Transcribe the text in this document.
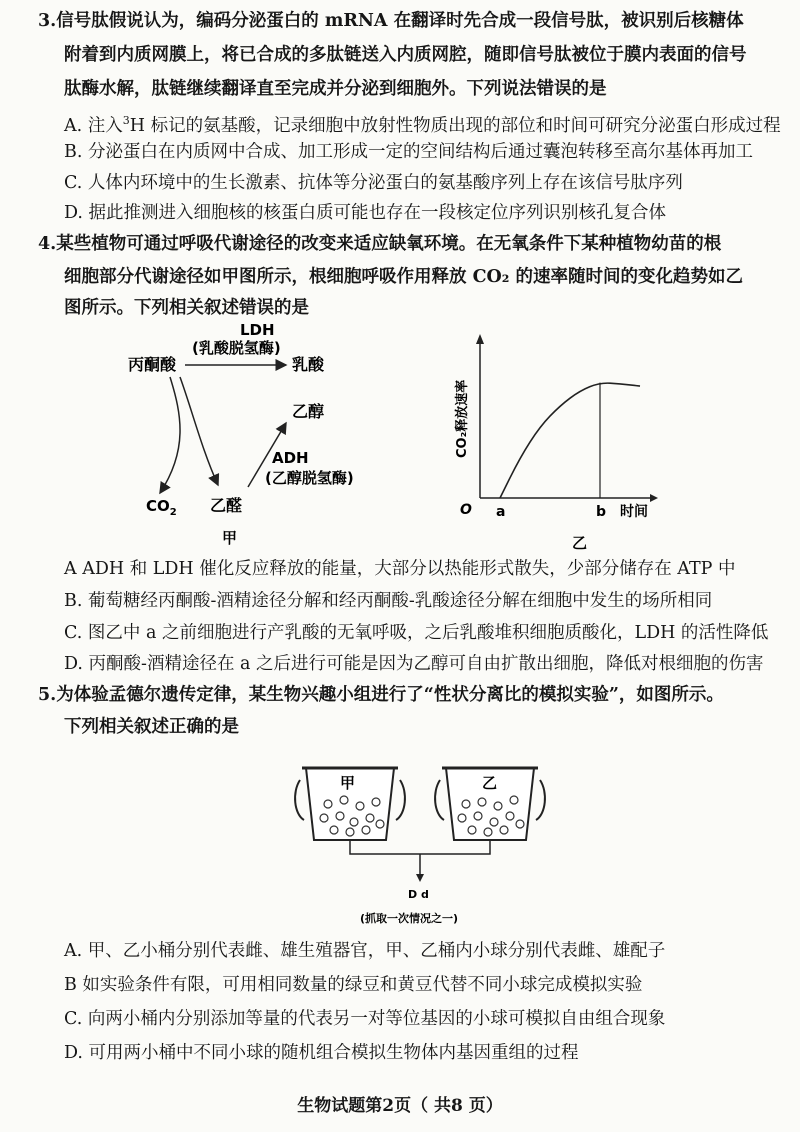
3.信号肽假说认为，编码分泌蛋白的 mRNA 在翻译时先合成一段信号肽，被识别后核糖体
附着到内质网膜上，将已合成的多肽链送入内质网腔，随即信号肽被位于膜内表面的信号
肽酶水解，肽链继续翻译直至完成并分泌到细胞外。下列说法错误的是
A. 注入$^3$H 标记的氨基酸，记录细胞中放射性物质出现的部位和时间可研究分泌蛋白形成过程
B. 分泌蛋白在内质网中合成、加工形成一定的空间结构后通过囊泡转移至高尔基体再加工
C. 人体内环境中的生长激素、抗体等分泌蛋白的氨基酸序列上存在该信号肽序列
D. 据此推测进入细胞核的核蛋白质可能也存在一段核定位序列识别核孔复合体
4.某些植物可通过呼吸代谢途径的改变来适应缺氧环境。在无氧条件下某种植物幼苗的根
细胞部分代谢途径如甲图所示，根细胞呼吸作用释放 CO₂ 的速率随时间的变化趋势如乙
图所示。下列相关叙述错误的是
LDH
(乳酸脱氢酶)
丙酮酸	乳酸
乙醇
ADH
(乙醇脱氢酶)
$CO_2$ 乙醛
甲
O	时间
CO₂释放速率
a	b
乙
A ADH 和 LDH 催化反应释放的能量，大部分以热能形式散失，少部分储存在 ATP 中
B. 葡萄糖经丙酮酸-酒精途径分解和经丙酮酸-乳酸途径分解在细胞中发生的场所相同
C. 图乙中 a 之前细胞进行产乳酸的无氧呼吸，之后乳酸堆积细胞质酸化，LDH 的活性降低
D. 丙酮酸-酒精途径在 a 之后进行可能是因为乙醇可自由扩散出细胞，降低对根细胞的伤害
5.为体验孟德尔遗传定律，某生物兴趣小组进行了“性状分离比的模拟实验”，如图所示。
下列相关叙述正确的是
甲	乙
D d
(抓取一次情况之一)
A. 甲、乙小桶分别代表雌、雄生殖器官，甲、乙桶内小球分别代表雌、雄配子
B 如实验条件有限，可用相同数量的绿豆和黄豆代替不同小球完成模拟实验
C. 向两小桶内分别添加等量的代表另一对等位基因的小球可模拟自由组合现象
D. 可用两小桶中不同小球的随机组合模拟生物体内基因重组的过程
生物试题第2页（ 共8 页）
